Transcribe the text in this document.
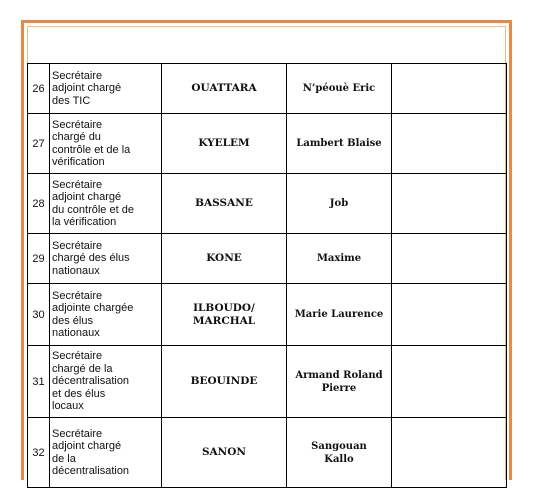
26	Secrétaire
adjoint chargé
des TIC	OUATTARA	N’péouè Eric	

27	Secrétaire
chargé du
contrôle et de la
vérification	KYELEM	Lambert Blaise	

28	Secrétaire
adjoint chargé
du contrôle et de
la vérification	BASSANE	Job	

29	Secrétaire
chargé des élus
nationaux	KONE	Maxime	

30	Secrétaire
adjointe chargée
des élus
nationaux	ILBOUDO/
MARCHAL	Marie Laurence	

31	Secrétaire
chargé de la
décentralisation
et des élus
locaux	BEOUINDE	Armand Roland
Pierre	

32	Secrétaire
adjoint chargé
de la
décentralisation	SANON	Sangouan
Kallo	
